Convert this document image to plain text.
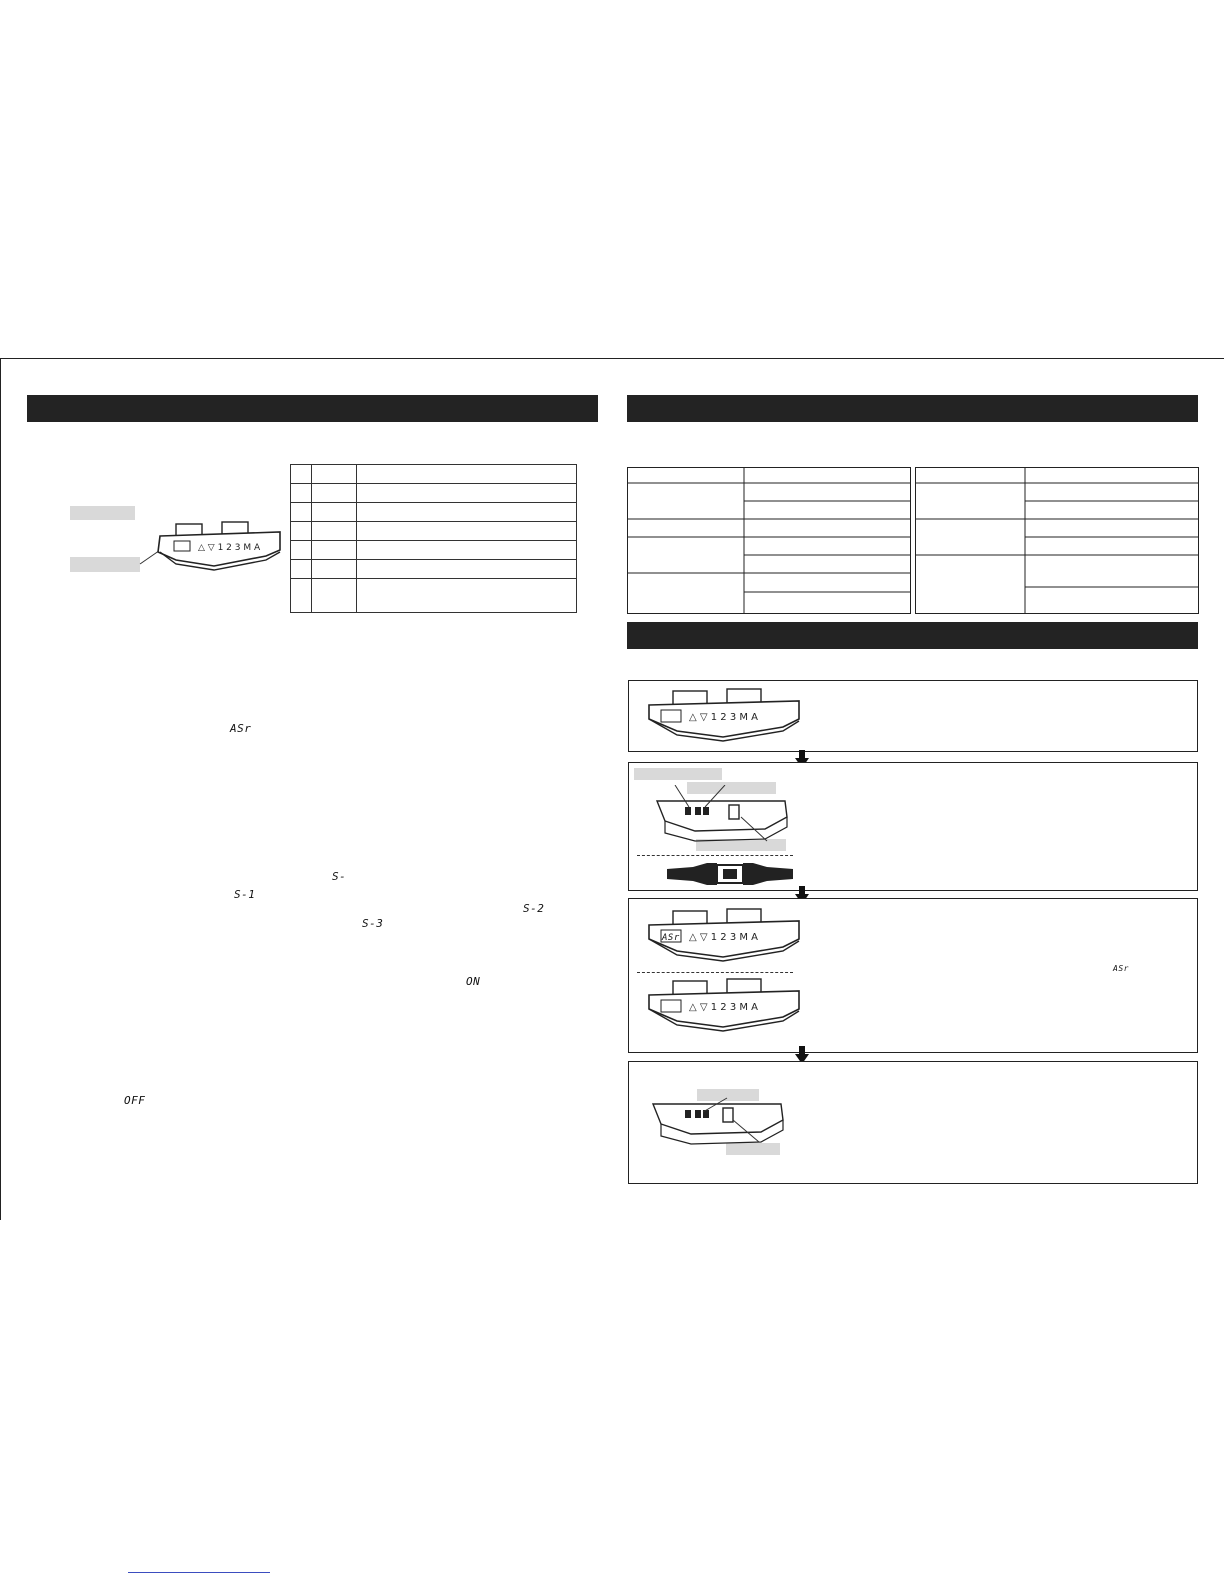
△ ▽ 1 2 3 M A

ASr
S-
S-1
S-2
S-3
ON
OFF
△ ▽ 1 2 3 M A
△ ▽ 1 2 3 M A
ASr
△ ▽ 1 2 3 M A
ASr
